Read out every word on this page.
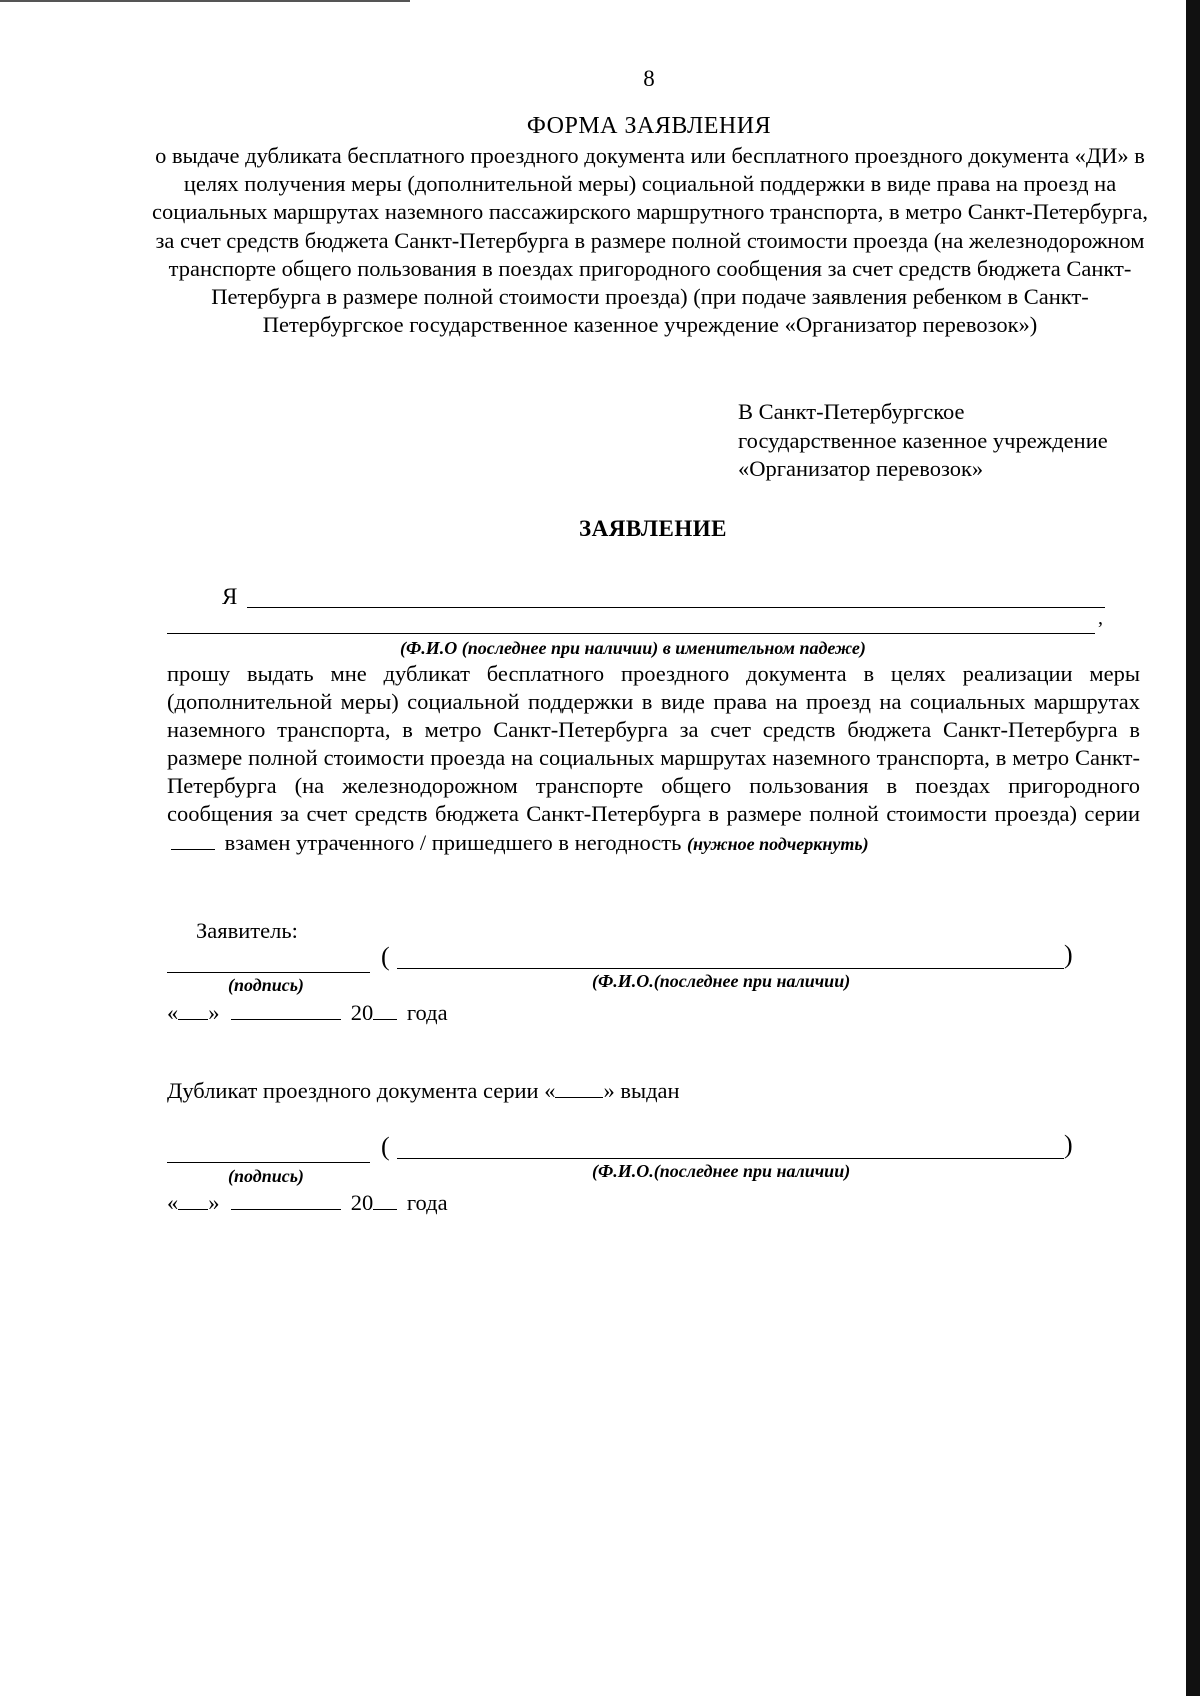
8
ФОРМА ЗАЯВЛЕНИЯ
о выдаче дубликата бесплатного проездного документа или бесплатного проездного документа «ДИ» в целях получения меры (дополнительной меры) социальной поддержки в виде права на проезд на социальных маршрутах наземного пассажирского маршрутного транспорта, в метро Санкт-Петербурга, за счет средств бюджета Санкт-Петербурга в размере полной стоимости проезда (на железнодорожном транспорте общего пользования в поездах пригородного сообщения за счет средств бюджета Санкт-Петербурга в размере полной стоимости проезда) (при подаче заявления ребенком в Санкт-Петербургское государственное казенное учреждение «Организатор перевозок»)
В Санкт-Петербургское
государственное казенное учреждение
«Организатор перевозок»
ЗАЯВЛЕНИЕ
Я
,
(Ф.И.О (последнее при наличии) в именительном падеже)
прошу выдать мне дубликат бесплатного проездного документа в целях реализации меры (дополнительной меры) социальной поддержки в виде права на проезд на социальных маршрутах наземного транспорта, в метро Санкт-Петербурга за счет средств бюджета Санкт-Петербурга в размере полной стоимости проезда на социальных маршрутах наземного транспорта, в метро Санкт-Петербурга (на железнодорожном транспорте общего пользования в поездах пригородного сообщения за счет средств бюджета Санкт-Петербурга в размере полной стоимости проезда) серии  взамен утраченного / пришедшего в негодность (нужное подчеркнуть)
Заявитель:
(	)
(подпись)	(Ф.И.О.(последнее при наличии)
« »	20 года
Дубликат проездного документа серии « » выдан
(	)
(подпись)	(Ф.И.О.(последнее при наличии)
« »	20 года
